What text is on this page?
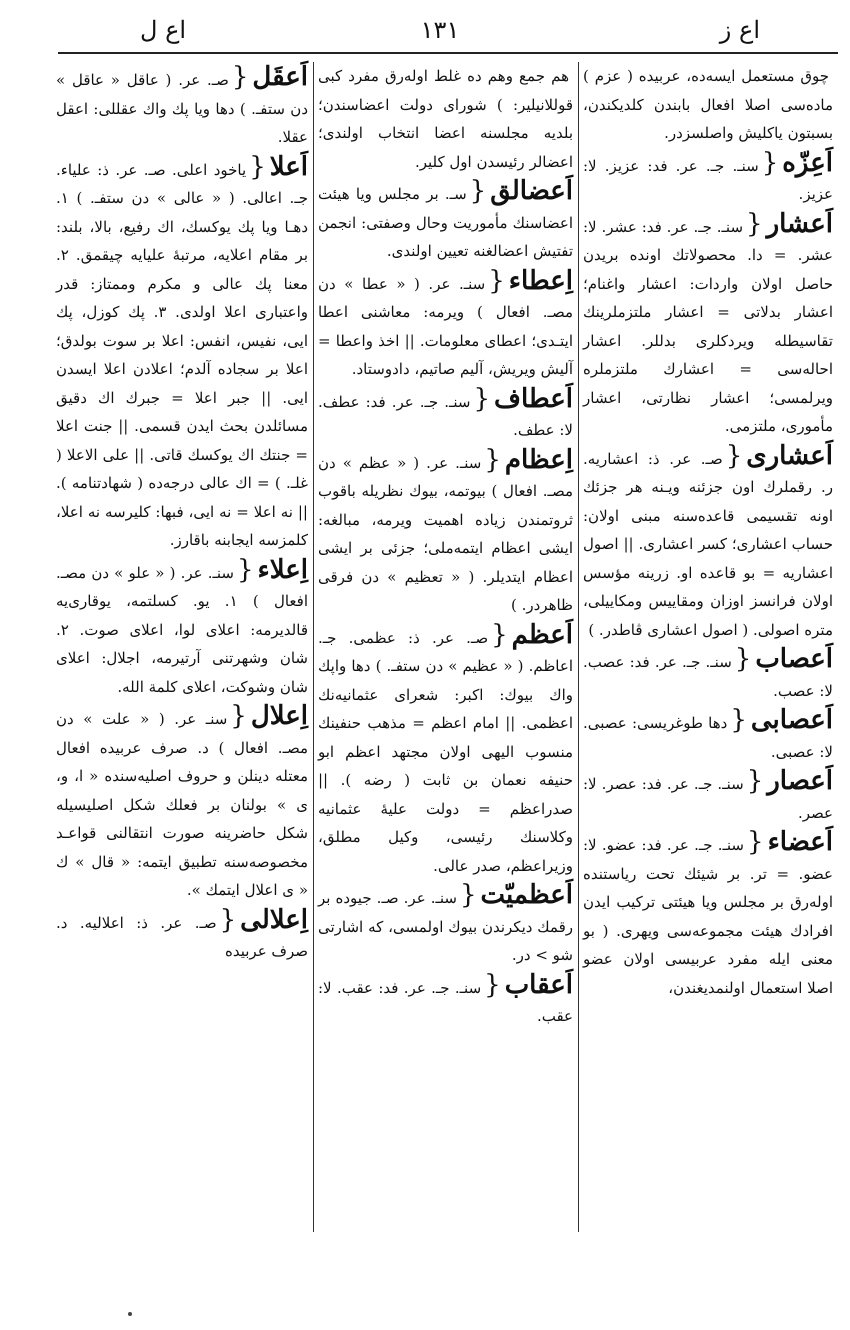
اع ل	١٣١	اع ز

چوق مستعمل ایسه‌ده، عربیده ( عزم ) ماده‌سی اصلا افعال بابندن کلدیکندن، بسبتون یاکلیش واصلسزدر.

اَعِزّه{سنـ. جـ. عر. فد: عزیز. لا: عزیز.

اَعشار{سنـ. جـ. عر. فد: عشر. لا: عشر. = دا. محصولاتك اونده بریدن حاصل اولان واردات: اعشار واغنام؛ اعشار بدلاتی = اعشار ملتزملرینك تقاسیطله ویردکلری بدللر. اعشار احاله‌سی = اعشارك ملتزملره ویرلمسی؛ اعشار نظارتی، اعشار مأموری، ملتزمی.

اَعشاری{صـ. عر. ذ: اعشاریه. ر. رقملرك اون جزئنه ویـنه هر جزئك اونه تقسیمی قاعده‌سنه مبنی اولان: حساب اعشاری؛ کسر اعشاری. || اصول اعشاریه = بو قاعده او. زرینه مؤسس اولان فرانسز اوزان ومقاییس ومکاییلی، متره اصولی. ( اصول اعشاری ڤاطدر. )

اَعصاب{سنـ. جـ. عر. فد: عصب. لا: عصب.

اَعصابی{دها طوغریسی: عصبی. لا: عصبی.

اَعصار{سنـ. جـ. عر. فد: عصر. لا: عصر.

اَعضاء{سنـ. جـ. عر. فد: عضو. لا: عضو. = تر. بر شیئك تحت ریاستنده اوله‌رق بر مجلس ویا هیئتی ترکیب ایدن افرادك هیئت مجموعه‌سی ویهری. ( بو معنی ایله مفرد عربیسی اولان عضو اصلا استعمال اولنمدیغندن،

هم جمع وهم ده غلط اوله‌رق مفرد کبی قوللانیلیر: ) شورای دولت اعضاسندن؛ بلدیه مجلسنه اعضا انتخاب اولندی؛ اعضالر رئیسدن اول کلیر.

اَعضالق{سـ. بر مجلس ویا هیئت اعضاسنك مأموریت وحال وصفتی: انجمن تفتیش اعضالغنه تعیین اولندی.

اِعطاء{سنـ. عر. ( « عطا » دن مصـ. افعال ) ویرمه: معاشنی اعطا ایتـدی؛ اعطای معلومات. || اخذ واعطا = آلیش ویریش، آلیم صاتیم، دادوستاد.

اَعطاف{سنـ. جـ. عر. فد: عطف. لا: عطف.

اِعظام{سنـ. عر. ( « عظم » دن مصـ. افعال ) بیوتمه، بیوك نظریله باقوب ثروتمندن زیاده اهمیت ویرمه، مبالغه: ایشی اعظام ایتمه‌ملی؛ جزئی بر ایشی اعظام ایتدیلر. ( « تعظیم » دن فرقی ظاهردر. )

اَعظم{صـ. عر. ذ: عظمی. جـ. اعاظم. ( « عظیم » دن ستفـ. ) دها واپك واك بیوك: اکبر: شعرای عثمانیه‌نك اعظمی. || امام اعظم = مذهب حنفینك منسوب الیهی اولان مجتهد اعظم ابو حنیفه نعمان بن ثابت ( رضه ). || صدراعظم = دولت علیهٔ عثمانیه وکلاسنك رئیسی، وکیل مطلق، وزیراعظم، صدر عالی.

اَعظمیّت{سنـ. عر. صـ. جیوده بر رقمك دیکرندن بیوك اولمسی، که اشارتی شو > در.

اَعقاب{سنـ. جـ. عر. فد: عقب. لا: عقب.

اَعقَل{صـ. عر. ( عاقل « عاقل » دن ستفـ. ) دها ویا پك واك عقللی: اعقل عقلا.

اَعلا{یاخود اعلی. صـ. عر. ذ: علیاء. جـ. اعالی. ( « عالی » دن ستفـ. ) ١. دهـا ویا پك یوکسك، اك رفیع، بالا، بلند: بر مقام اعلایه، مرتبهٔ علیایه چیقمق. ٢. معنا پك عالی و مکرم وممتاز: قدر واعتباری اعلا اولدی. ٣. پك کوزل، پك ایی، نفیس، انفس: اعلا بر سوت بولدق؛ اعلا بر سجاده آلدم؛ اعلادن اعلا ایسدن ایی. || جبر اعلا = جبرك اك دقیق مسائلدن بحث ایدن قسمی. || جنت اعلا = جنتك اك یوکسك قاتی. || علی الاعلا ( غلـ. ) = اك عالی درجه‌ده ( شهادتنامه ). || نه اعلا = نه ایی، فبها: کلیرسه نه اعلا، کلمزسه ایجابنه باقارز.

اِعلاء{سنـ. عر. ( « علو » دن مصـ. افعال ) ١. یو. کسلتمه، یوقاری‌یه قالدیرمه: اعلای لوا، اعلای صوت. ٢. شان وشهرتنی آرتیرمه، اجلال: اعلای شان وشوکت، اعلای کلمة الله.

اِعلال{سنـ عر. ( « علت » دن مصـ. افعال ) د. صرف عربیده افعال معتله دینلن و حروف اصلیه‌سنده « ا، و، ی » بولنان بر فعلك شکل اصلیسیله شکل حاضرینه صورت انتقالنی قواعـد مخصوصه‌سنه تطبیق ایتمه: « قال » ك « ی اعلال ایتمك ».

اِعلالی{صـ. عر. ذ: اعلالیه. د. صرف عربیده
